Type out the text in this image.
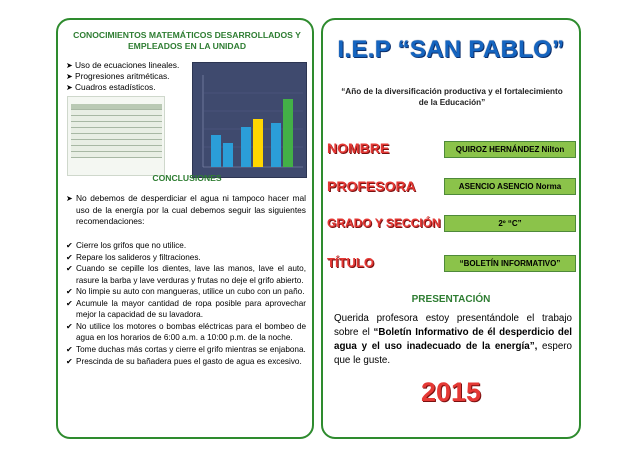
CONOCIMIENTOS MATEMÁTICOS DESARROLLADOS Y EMPLEADOS EN LA UNIDAD
➤ Uso de ecuaciones lineales.
➤ Progresiones aritméticas.
➤ Cuadros estadísticos.
CONCLUSIONES
➤ No debemos de desperdiciar el agua ni tampoco hacer mal uso de la energía por la cual debemos seguir las siguientes recomendaciones:
✔ Cierre los grifos que no utilice.
✔ Repare los salideros y filtraciones.
✔ Cuando se cepille los dientes, lave las manos, lave el auto, rasure la barba y lave verduras y frutas no deje el grifo abierto.
✔ No limpie su auto con mangueras, utilice un cubo con un paño.
✔ Acumule la mayor cantidad de ropa posible para aprovechar mejor la capacidad de su lavadora.
✔ No utilice los motores o bombas eléctricas para el bombeo de agua en los horarios de 6:00 a.m. a 10:00 p.m. de la noche.
✔ Tome duchas más cortas y cierre el grifo mientras se enjabona.
✔ Prescinda de su bañadera pues el gasto de agua es excesivo.
I.E.P “SAN PABLO”
“Año de la diversificación productiva y el fortalecimiento de la Educación”
NOMBRE	QUIROZ HERNÁNDEZ Nilton
PROFESORA	ASENCIO ASENCIO Norma
GRADO Y SECCIÓN	2º “C”
TÍTULO	“BOLETÍN INFORMATIVO”
PRESENTACIÓN
Querida profesora estoy presentándole el trabajo sobre el “Boletín Informativo de él desperdicio del agua y el uso inadecuado de la energía”, espero que le guste.
2015
